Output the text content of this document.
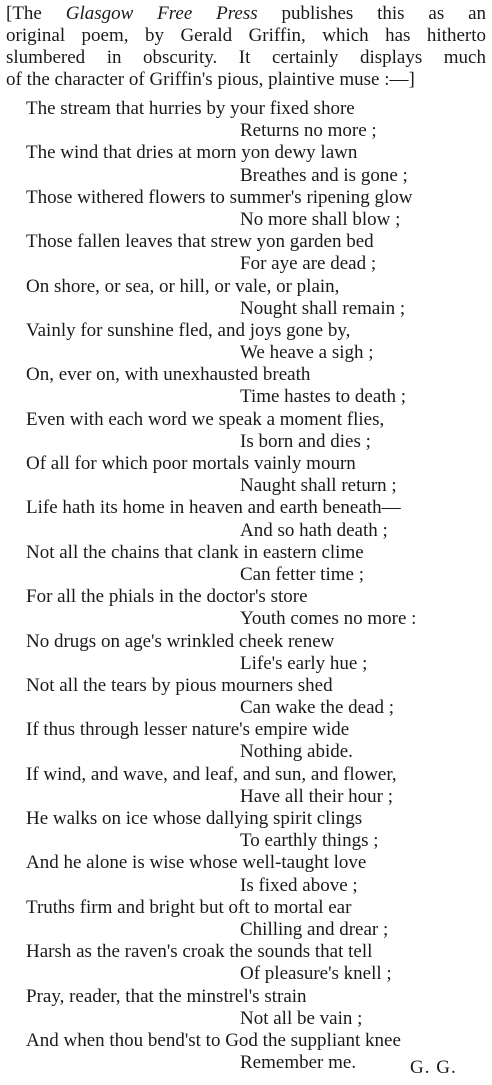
[The Glasgow Free Press publishes this as an
original poem, by Gerald Griffin, which has hitherto
slumbered in obscurity. It certainly displays much
of the character of Griffin's pious, plaintive muse :—]
The stream that hurries by your fixed shore
Returns no more ;
The wind that dries at morn yon dewy lawn
Breathes and is gone ;
Those withered flowers to summer's ripening glow
No more shall blow ;
Those fallen leaves that strew yon garden bed
For aye are dead ;
On shore, or sea, or hill, or vale, or plain,
Nought shall remain ;
Vainly for sunshine fled, and joys gone by,
We heave a sigh ;
On, ever on, with unexhausted breath
Time hastes to death ;
Even with each word we speak a moment flies,
Is born and dies ;
Of all for which poor mortals vainly mourn
Naught shall return ;
Life hath its home in heaven and earth beneath—
And so hath death ;
Not all the chains that clank in eastern clime
Can fetter time ;
For all the phials in the doctor's store
Youth comes no more :
No drugs on age's wrinkled cheek renew
Life's early hue ;
Not all the tears by pious mourners shed
Can wake the dead ;
If thus through lesser nature's empire wide
Nothing abide.
If wind, and wave, and leaf, and sun, and flower,
Have all their hour ;
He walks on ice whose dallying spirit clings
To earthly things ;
And he alone is wise whose well-taught love
Is fixed above ;
Truths firm and bright but oft to mortal ear
Chilling and drear ;
Harsh as the raven's croak the sounds that tell
Of pleasure's knell ;
Pray, reader, that the minstrel's strain
Not all be vain ;
And when thou bend'st to God the suppliant knee
Remember me.	G. G.
